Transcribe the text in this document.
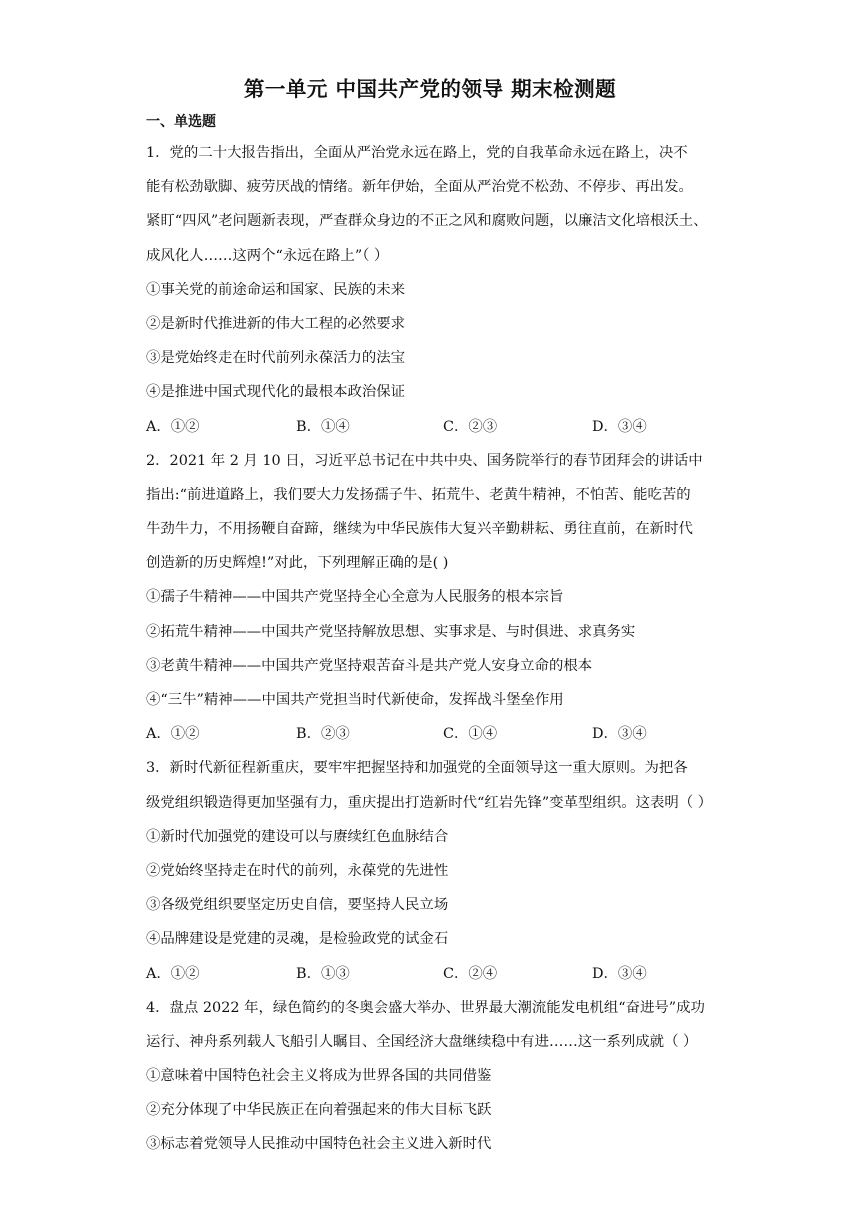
第一单元 中国共产党的领导 期末检测题
一、单选题
1．党的二十大报告指出，全面从严治党永远在路上，党的自我革命永远在路上，决不
能有松劲歇脚、疲劳厌战的情绪。新年伊始，全面从严治党不松劲、不停步、再出发。
紧盯“四风”老问题新表现，严查群众身边的不正之风和腐败问题，以廉洁文化培根沃土、
成风化人……这两个“永远在路上”（ ）
①事关党的前途命运和国家、民族的未来
②是新时代推进新的伟大工程的必然要求
③是党始终走在时代前列永葆活力的法宝
④是推进中国式现代化的最根本政治保证
A．①②	B．①④	C．②③	D．③④
2．2021 年 2 月 10 日，习近平总书记在中共中央、国务院举行的春节团拜会的讲话中
指出:“前进道路上，我们要大力发扬孺子牛、拓荒牛、老黄牛精神，不怕苦、能吃苦的
牛劲牛力，不用扬鞭自奋蹄，继续为中华民族伟大复兴辛勤耕耘、勇往直前，在新时代
创造新的历史辉煌!”对此，下列理解正确的是( )
①孺子牛精神——中国共产党坚持全心全意为人民服务的根本宗旨
②拓荒牛精神——中国共产党坚持解放思想、实事求是、与时俱进、求真务实
③老黄牛精神——中国共产党坚持艰苦奋斗是共产党人安身立命的根本
④“三牛”精神——中国共产党担当时代新使命，发挥战斗堡垒作用
A．①②	B．②③	C．①④	D．③④
3．新时代新征程新重庆，要牢牢把握坚持和加强党的全面领导这一重大原则。为把各
级党组织锻造得更加坚强有力，重庆提出打造新时代“红岩先锋”变革型组织。这表明（ ）
①新时代加强党的建设可以与赓续红色血脉结合
②党始终坚持走在时代的前列，永葆党的先进性
③各级党组织要坚定历史自信，要坚持人民立场
④品牌建设是党建的灵魂，是检验政党的试金石
A．①②	B．①③	C．②④	D．③④
4．盘点 2022 年，绿色简约的冬奥会盛大举办、世界最大潮流能发电机组“奋进号”成功
运行、神舟系列载人飞船引人瞩目、全国经济大盘继续稳中有进……这一系列成就（ ）
①意味着中国特色社会主义将成为世界各国的共同借鉴
②充分体现了中华民族正在向着强起来的伟大目标飞跃
③标志着党领导人民推动中国特色社会主义进入新时代
